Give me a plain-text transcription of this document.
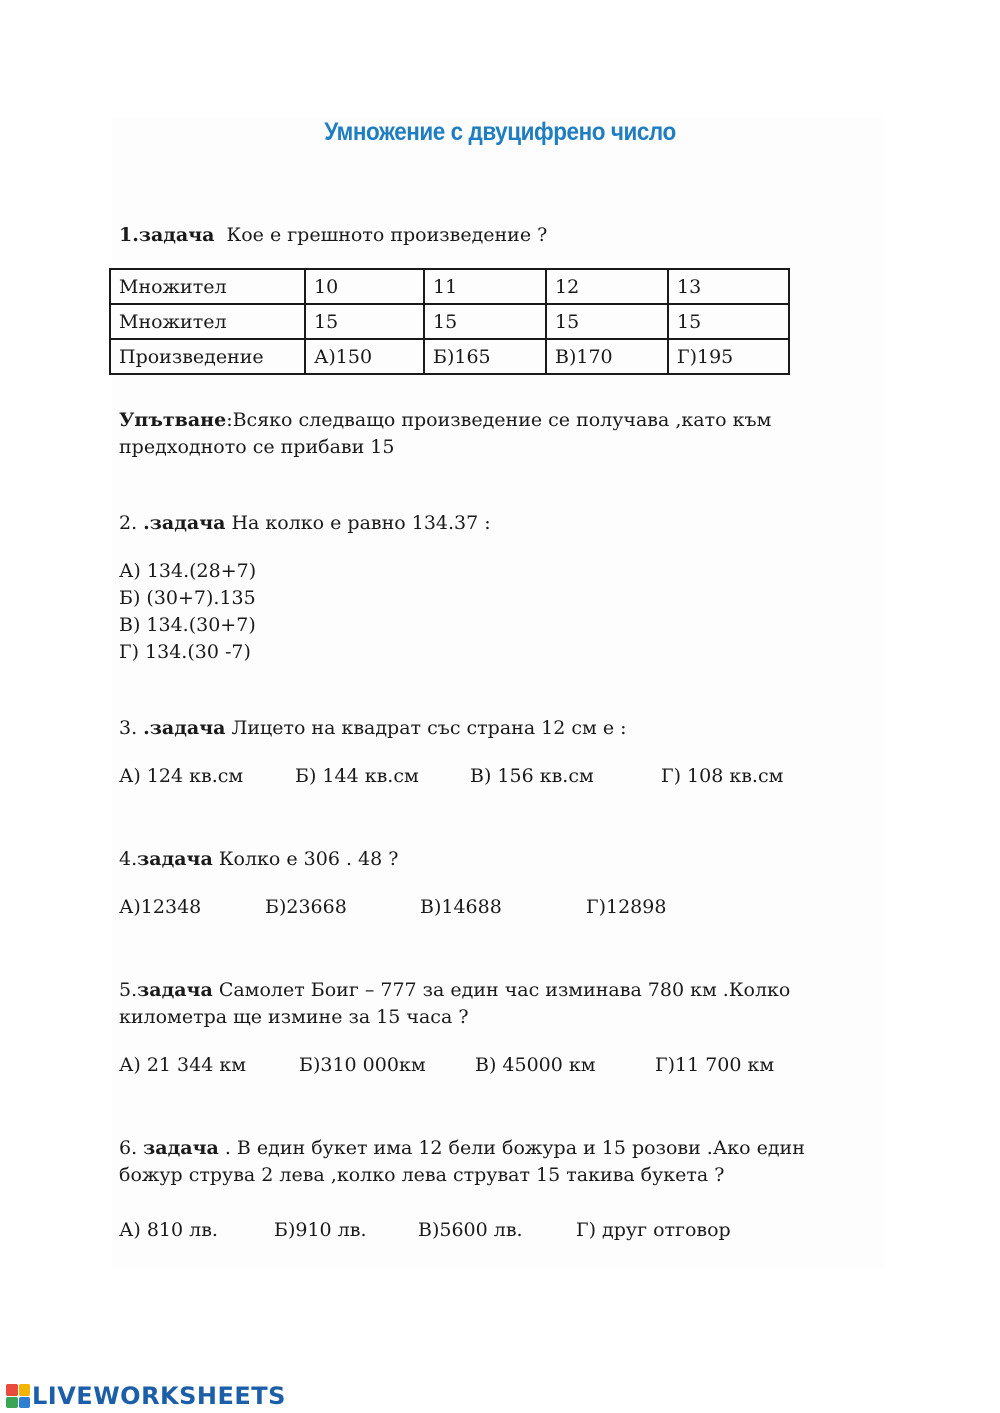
Умножение с двуцифрено число
1.задача Кое е грешното произведение ?
Множител	10	11	12	13
Множител	15	15	15	15
Произведение	А)150	Б)165	В)170	Г)195
Упътване:Всяко следващо произведение се получава ,като към
предходното се прибави 15
2. .задача На колко е равно 134.37 :
А) 134.(28+7)
Б) (30+7).135
В) 134.(30+7)
Г) 134.(30 -7)
3. .задача Лицето на квадрат със страна 12 см е :
А) 124 кв.см	Б) 144 кв.см	В) 156 кв.см	Г) 108 кв.см
4.задача Колко е 306 . 48 ?
А)12348	Б)23668	В)14688	Г)12898
5.задача Самолет Боиг – 777 за един час изминава 780 км .Колко
километра ще измине за 15 часа ?
А) 21 344 км	Б)310 000км	В) 45000 км	Г)11 700 км
6. задача . В един букет има 12 бели божура и 15 розови .Ако един
божур струва 2 лева ,колко лева струват 15 такива букета ?
А) 810 лв.	Б)910 лв.	В)5600 лв.	Г) друг отговор
LIVEWORKSHEETS
